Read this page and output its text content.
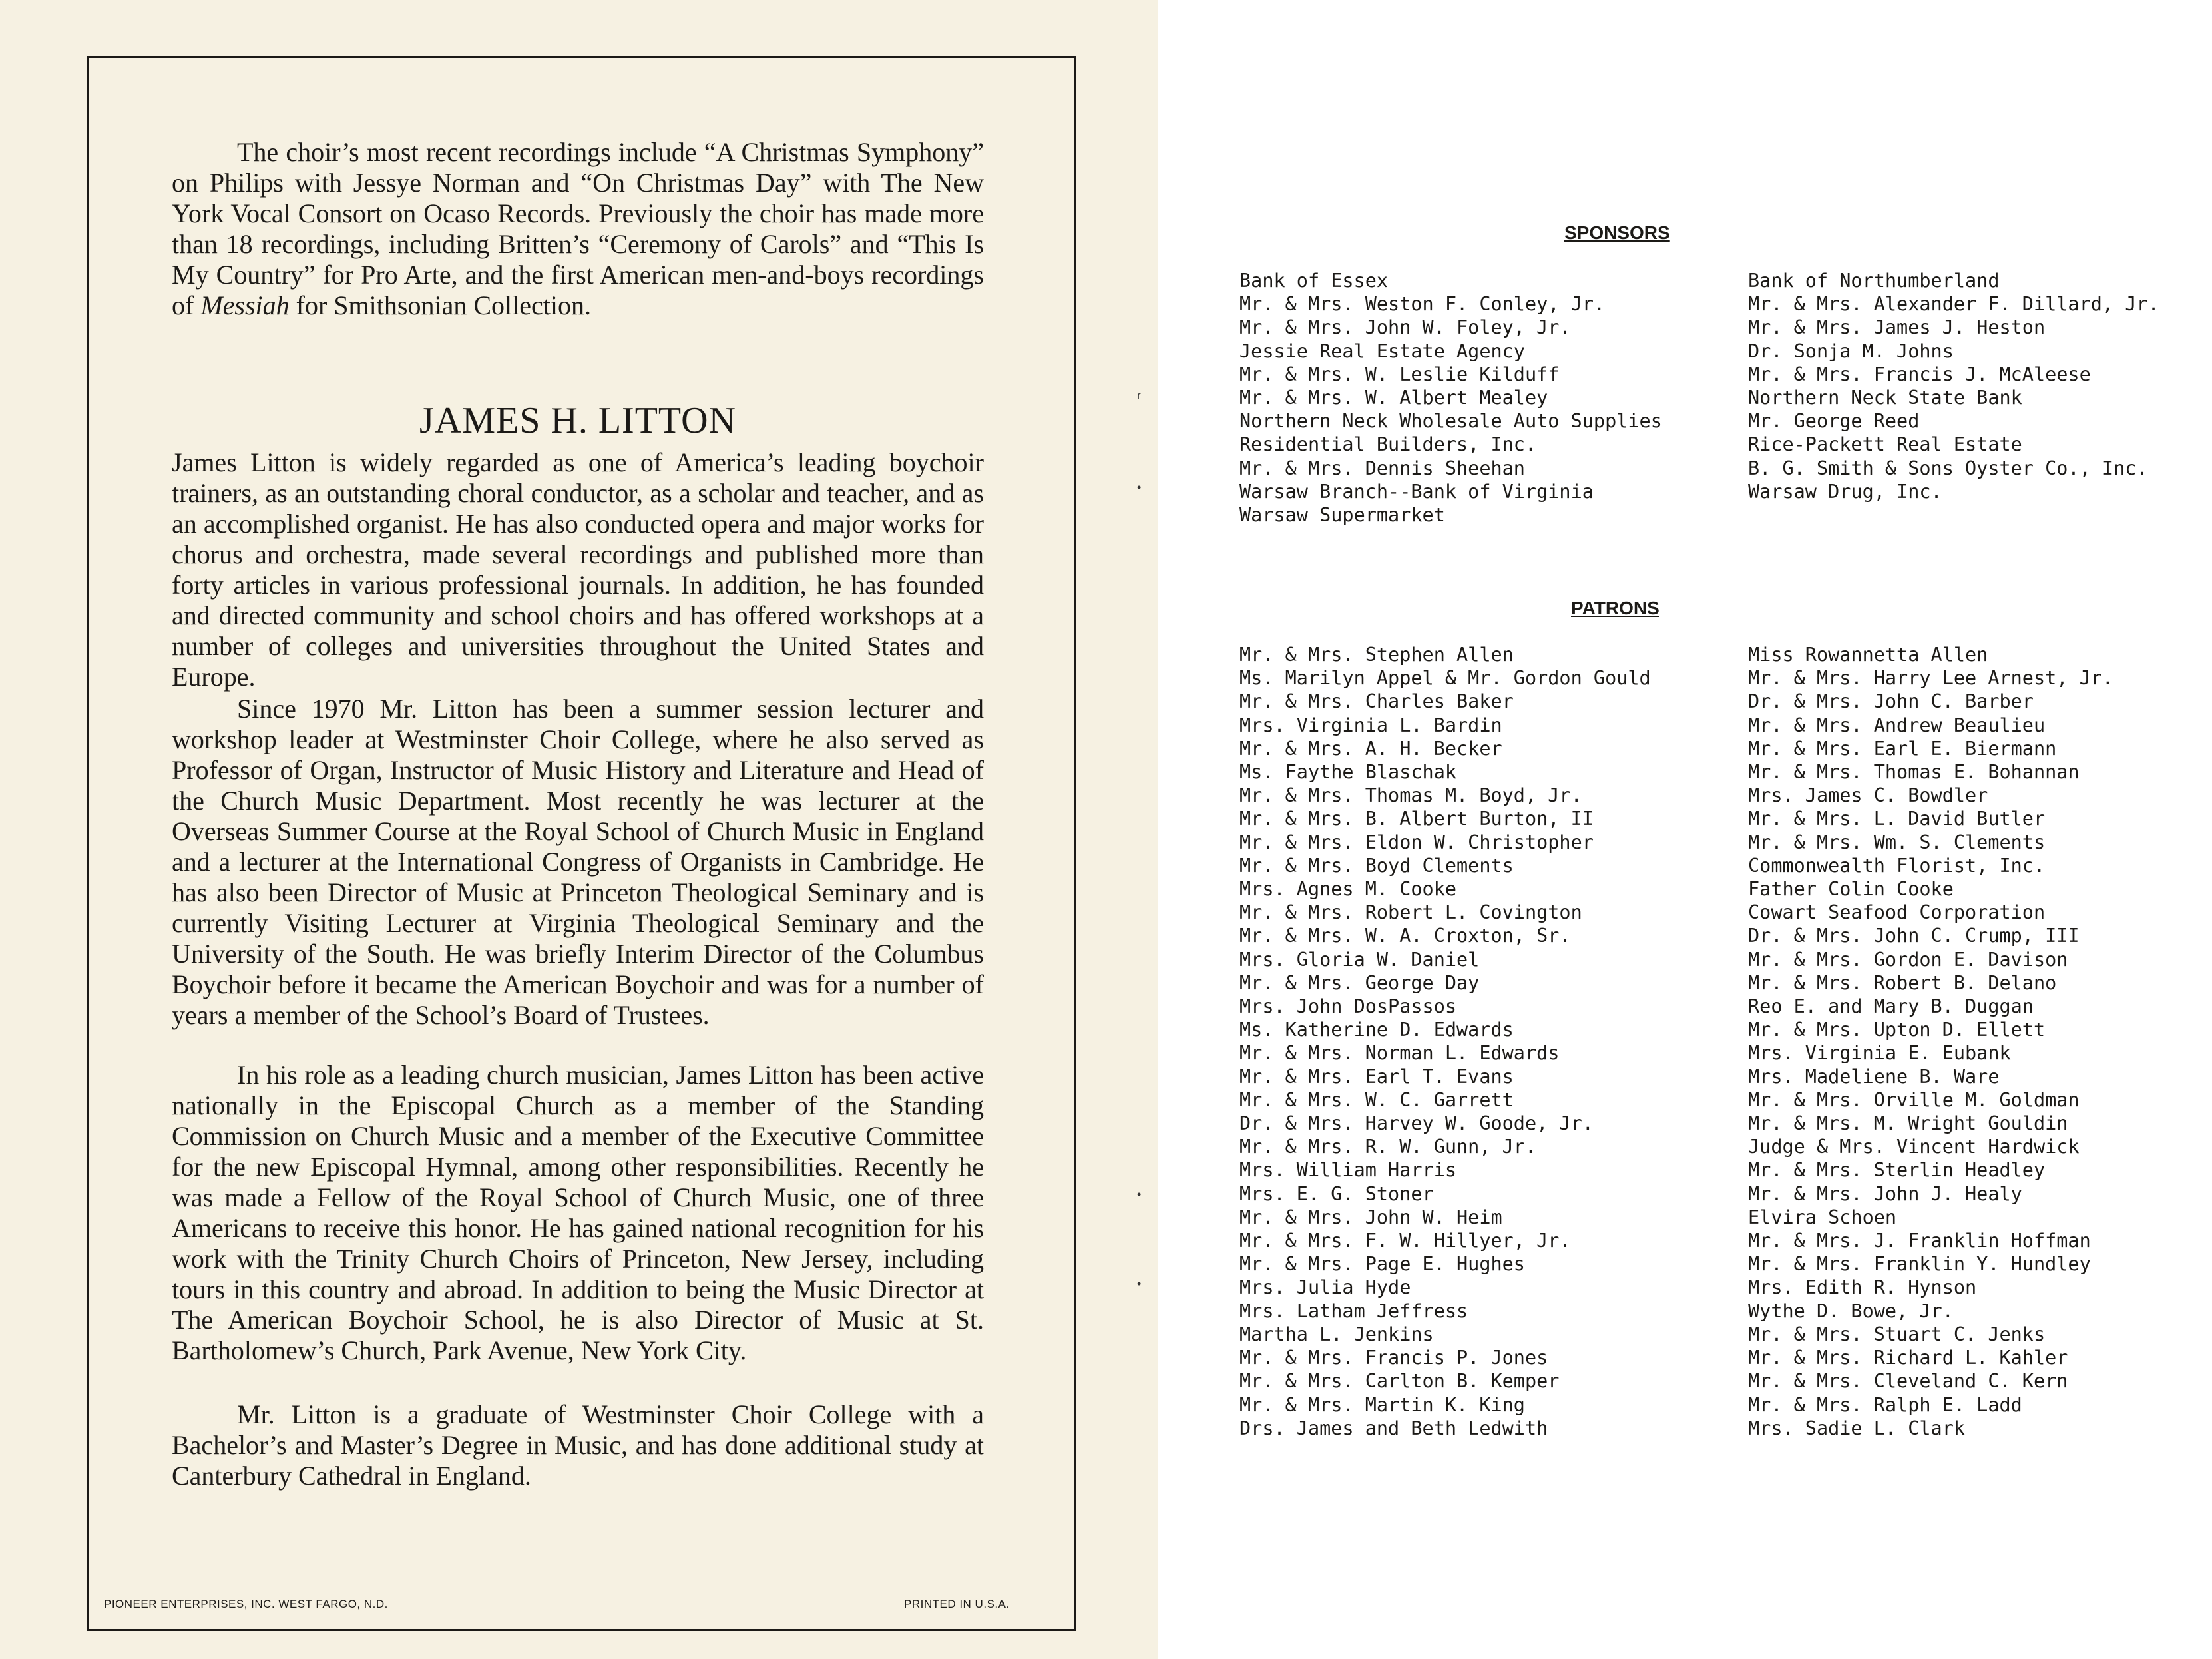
The choir’s most recent recordings include “A Christmas Symphony” on Philips with Jessye Norman and “On Christmas Day” with The New York Vocal Consort on Ocaso Records. Previously the choir has made more than 18 recordings, including Britten’s “Ceremony of Carols” and “This Is My Country” for Pro Arte, and the first American men-and-boys recordings of Messiah for Smithsonian Collection.

JAMES H. LITTON

James Litton is widely regarded as one of America’s leading boychoir trainers, as an outstanding choral conductor, as a scholar and teacher, and as an accomplished organist. He has also conducted opera and major works for chorus and orchestra, made several recordings and published more than forty articles in various professional journals. In addition, he has founded and directed community and school choirs and has offered workshops at a number of colleges and universities throughout the United States and Europe.

Since 1970 Mr. Litton has been a summer session lecturer and workshop leader at Westminster Choir College, where he also served as Professor of Organ, Instructor of Music History and Literature and Head of the Church Music Department. Most recently he was lecturer at the Overseas Summer Course at the Royal School of Church Music in England and a lecturer at the International Congress of Organists in Cambridge. He has also been Director of Music at Princeton Theological Seminary and is currently Visiting Lecturer at Virginia Theological Seminary and the University of the South. He was briefly Interim Director of the Columbus Boychoir before it became the American Boychoir and was for a number of years a member of the School’s Board of Trustees.

In his role as a leading church musician, James Litton has been active nationally in the Episcopal Church as a member of the Standing Commission on Church Music and a member of the Executive Committee for the new Episcopal Hymnal, among other responsibilities. Recently he was made a Fellow of the Royal School of Church Music, one of three Americans to receive this honor. He has gained national recognition for his work with the Trinity Church Choirs of Princeton, New Jersey, including tours in this country and abroad. In addition to being the Music Director at The American Boychoir School, he is also Director of Music at St. Bartholomew’s Church, Park Avenue, New York City.

Mr. Litton is a graduate of Westminster Choir College with a Bachelor’s and Master’s Degree in Music, and has done additional study at Canterbury Cathedral in England.

PIONEER ENTERPRISES, INC. WEST FARGO, N.D.	PRINTED IN U.S.A.
r
•
•
•
SPONSORS
Bank of Essex
Mr. & Mrs. Weston F. Conley, Jr.
Mr. & Mrs. John W. Foley, Jr.
Jessie Real Estate Agency
Mr. & Mrs. W. Leslie Kilduff
Mr. & Mrs. W. Albert Mealey
Northern Neck Wholesale Auto Supplies
Residential Builders, Inc.
Mr. & Mrs. Dennis Sheehan
Warsaw Branch--Bank of Virginia
Warsaw Supermarket
Bank of Northumberland
Mr. & Mrs. Alexander F. Dillard, Jr.
Mr. & Mrs. James J. Heston
Dr. Sonja M. Johns
Mr. & Mrs. Francis J. McAleese
Northern Neck State Bank
Mr. George Reed
Rice-Packett Real Estate
B. G. Smith & Sons Oyster Co., Inc.
Warsaw Drug, Inc.
PATRONS
Mr. & Mrs. Stephen Allen
Ms. Marilyn Appel & Mr. Gordon Gould
Mr. & Mrs. Charles Baker
Mrs. Virginia L. Bardin
Mr. & Mrs. A. H. Becker
Ms. Faythe Blaschak
Mr. & Mrs. Thomas M. Boyd, Jr.
Mr. & Mrs. B. Albert Burton, II
Mr. & Mrs. Eldon W. Christopher
Mr. & Mrs. Boyd Clements
Mrs. Agnes M. Cooke
Mr. & Mrs. Robert L. Covington
Mr. & Mrs. W. A. Croxton, Sr.
Mrs. Gloria W. Daniel
Mr. & Mrs. George Day
Mrs. John DosPassos
Ms. Katherine D. Edwards
Mr. & Mrs. Norman L. Edwards
Mr. & Mrs. Earl T. Evans
Mr. & Mrs. W. C. Garrett
Dr. & Mrs. Harvey W. Goode, Jr.
Mr. & Mrs. R. W. Gunn, Jr.
Mrs. William Harris
Mrs. E. G. Stoner
Mr. & Mrs. John W. Heim
Mr. & Mrs. F. W. Hillyer, Jr.
Mr. & Mrs. Page E. Hughes
Mrs. Julia Hyde
Mrs. Latham Jeffress
Martha L. Jenkins
Mr. & Mrs. Francis P. Jones
Mr. & Mrs. Carlton B. Kemper
Mr. & Mrs. Martin K. King
Drs. James and Beth Ledwith
Miss Rowannetta Allen
Mr. & Mrs. Harry Lee Arnest, Jr.
Dr. & Mrs. John C. Barber
Mr. & Mrs. Andrew Beaulieu
Mr. & Mrs. Earl E. Biermann
Mr. & Mrs. Thomas E. Bohannan
Mrs. James C. Bowdler
Mr. & Mrs. L. David Butler
Mr. & Mrs. Wm. S. Clements
Commonwealth Florist, Inc.
Father Colin Cooke
Cowart Seafood Corporation
Dr. & Mrs. John C. Crump, III
Mr. & Mrs. Gordon E. Davison
Mr. & Mrs. Robert B. Delano
Reo E. and Mary B. Duggan
Mr. & Mrs. Upton D. Ellett
Mrs. Virginia E. Eubank
Mrs. Madeliene B. Ware
Mr. & Mrs. Orville M. Goldman
Mr. & Mrs. M. Wright Gouldin
Judge & Mrs. Vincent Hardwick
Mr. & Mrs. Sterlin Headley
Mr. & Mrs. John J. Healy
Elvira Schoen
Mr. & Mrs. J. Franklin Hoffman
Mr. & Mrs. Franklin Y. Hundley
Mrs. Edith R. Hynson
Wythe D. Bowe, Jr.
Mr. & Mrs. Stuart C. Jenks
Mr. & Mrs. Richard L. Kahler
Mr. & Mrs. Cleveland C. Kern
Mr. & Mrs. Ralph E. Ladd
Mrs. Sadie L. Clark
